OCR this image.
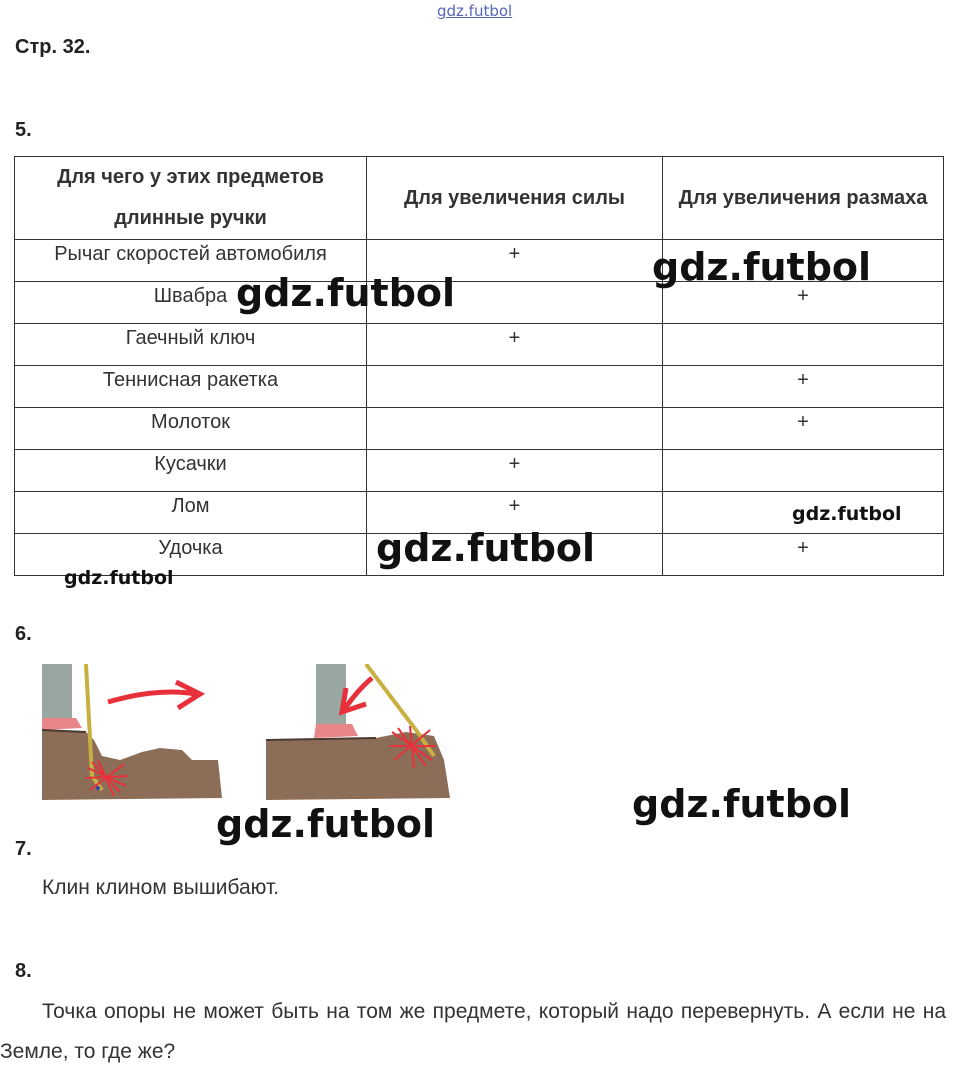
gdz.futbol
Стр. 32.
5.
Для чего у этих предметов длинные ручки	Для увеличения силы	Для увеличения размаха
Рычаг скоростей автомобиля	+	
Швабра		+
Гаечный ключ	+	
Теннисная ракетка		+
Молоток		+
Кусачки	+	
Лом	+	
Удочка		+
gdz.futbol
gdz.futbol
gdz.futbol
gdz.futbol
gdz.futbol
6.
gdz.futbol
gdz.futbol
7.
Клин клином вышибают.
8.
Точка опоры не может быть на том же предмете, который надо перевернуть. А если не на Земле, то где же?
